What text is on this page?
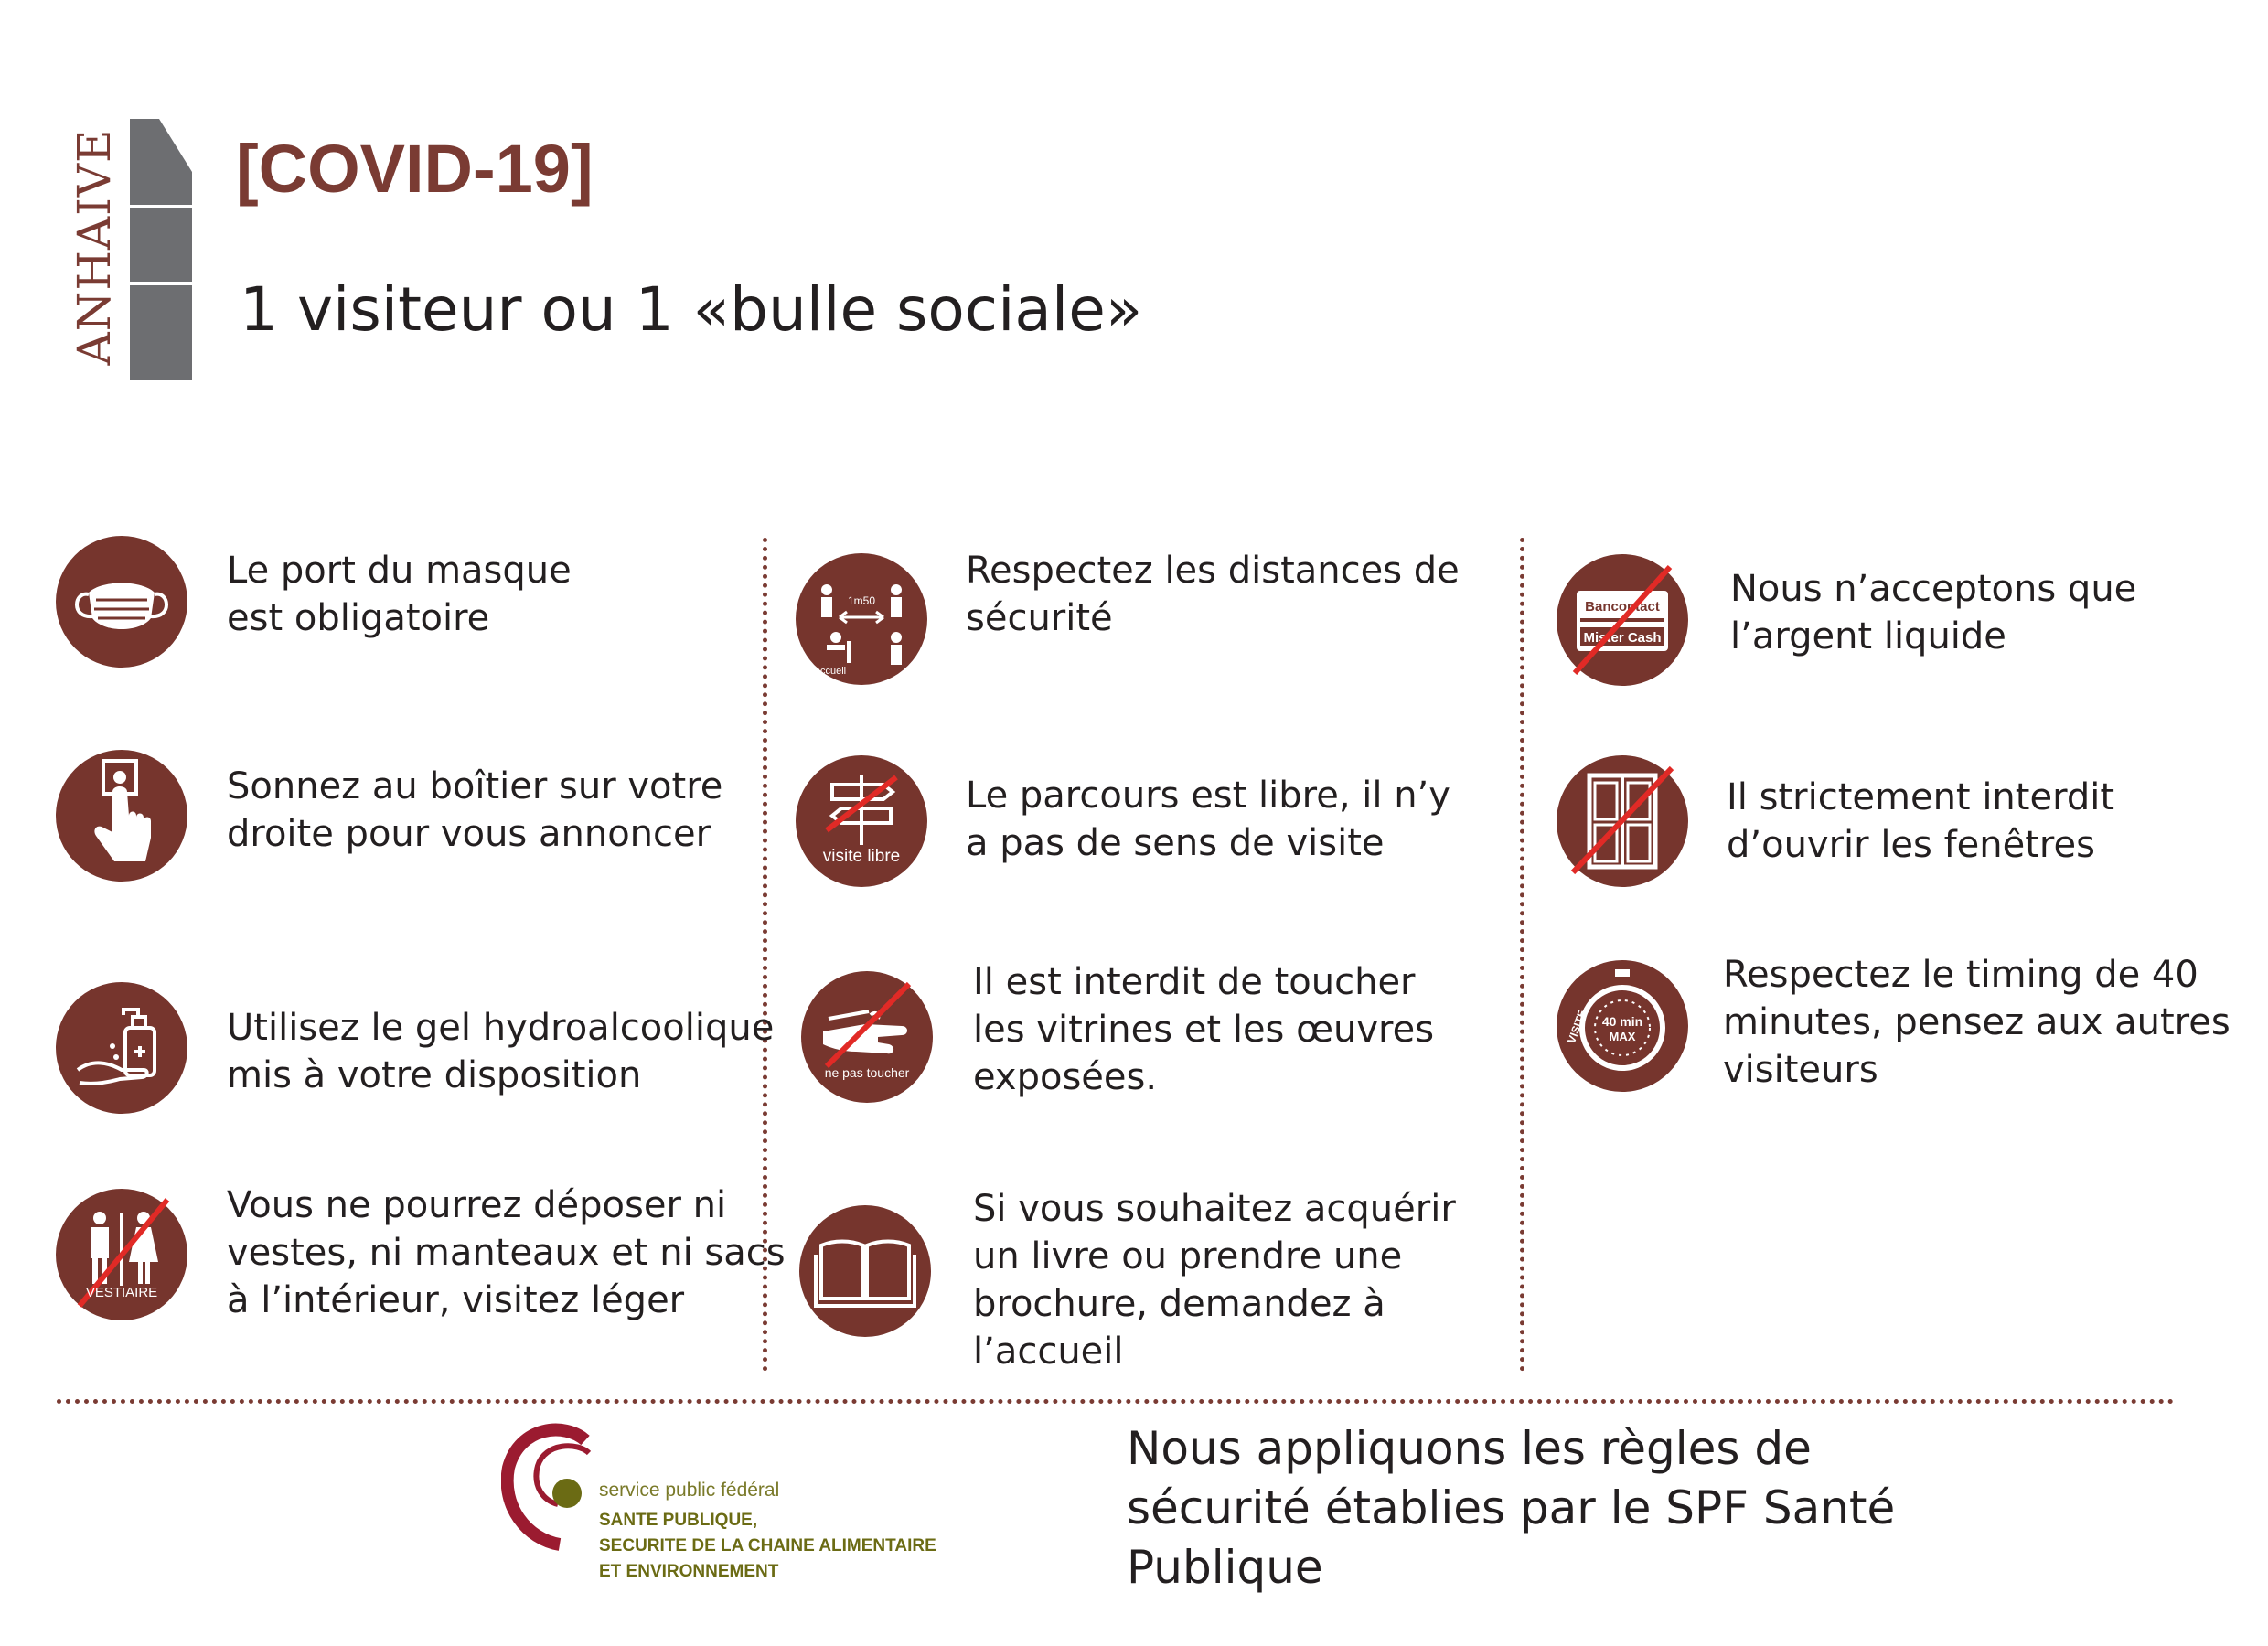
ANHAIVE [COVID-19]
1 visiteur ou 1 «bulle sociale»
Le port du masque
est obligatoire
Sonnez au boîtier sur votre
droite pour vous annoncer
Utilisez le gel hydroalcoolique
mis à votre disposition
VESTIAIRE
Vous ne pourrez déposer ni
vestes, ni manteaux et ni sacs
à l’intérieur, visitez léger
1m50
accueil
Respectez les distances de
sécurité
visite libre
Le parcours est libre, il n’y
a pas de sens de visite
ne pas toucher
Il est interdit de toucher
les vitrines et les œuvres
exposées.
Si vous souhaitez acquérir
un livre ou prendre une
brochure, demandez à
l’accueil
Bancontact
Mister Cash
Nous n’acceptons que
l’argent liquide
Il strictement interdit
d’ouvrir les fenêtres
40 min
MAX
VISITE
Respectez le timing de 40
minutes, pensez aux autres
visiteurs
service public fédéral
SANTE PUBLIQUE,
SECURITE DE LA CHAINE ALIMENTAIRE
ET ENVIRONNEMENT
Nous appliquons les règles de
sécurité établies par le SPF Santé
Publique
